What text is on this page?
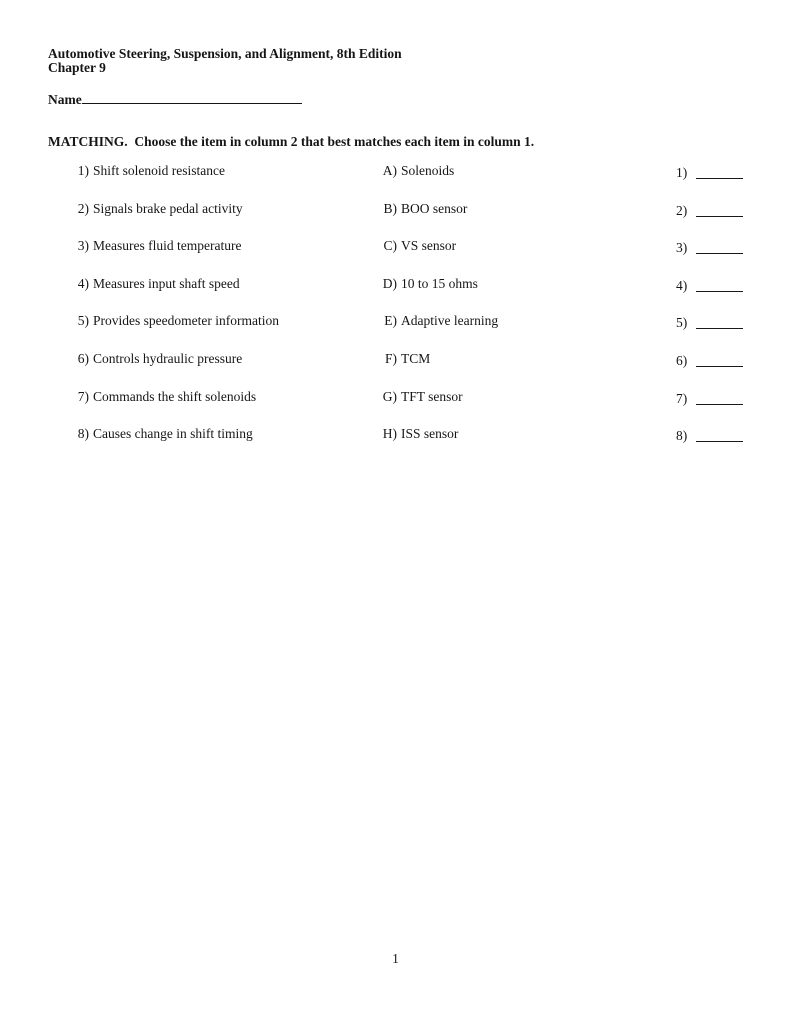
Automotive Steering, Suspension, and Alignment, 8th Edition
Chapter 9
Name
MATCHING.  Choose the item in column 2 that best matches each item in column 1.
1) Shift solenoid resistance	A) Solenoids	1)
2) Signals brake pedal activity	B) BOO sensor	2)
3) Measures fluid temperature	C) VS sensor	3)
4) Measures input shaft speed	D) 10 to 15 ohms	4)
5) Provides speedometer information	E) Adaptive learning	5)
6) Controls hydraulic pressure	F) TCM	6)
7) Commands the shift solenoids	G) TFT sensor	7)
8) Causes change in shift timing	H) ISS sensor	8)
1
